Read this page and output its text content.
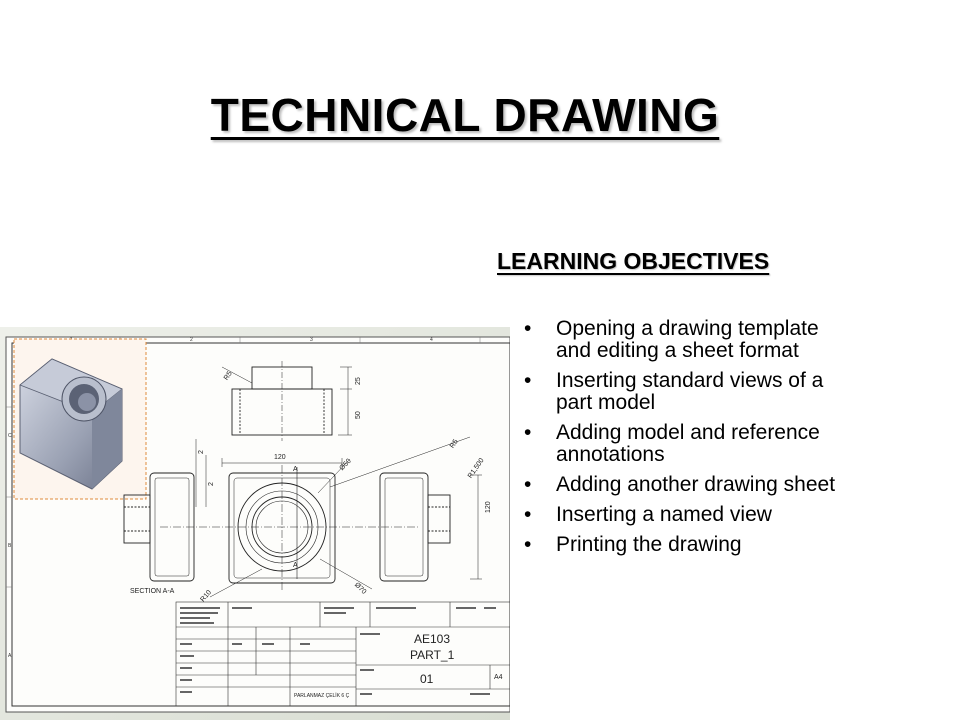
TECHNICAL DRAWING
LEARNING OBJECTIVES
• Opening a drawing template
and editing a sheet format
• Inserting standard views of a
part model
• Adding model and reference
annotations
• Adding another drawing sheet
• Inserting a named view
• Printing the drawing
2	3	4
C
B
A
R5	25
50
120
A
A
Ø50
Ø70
R10
R1,500
R5
120
2
2
SECTION A-A
AE103
PART_1
01	A4
PARLANMAZ ÇELİK 6 Ç
